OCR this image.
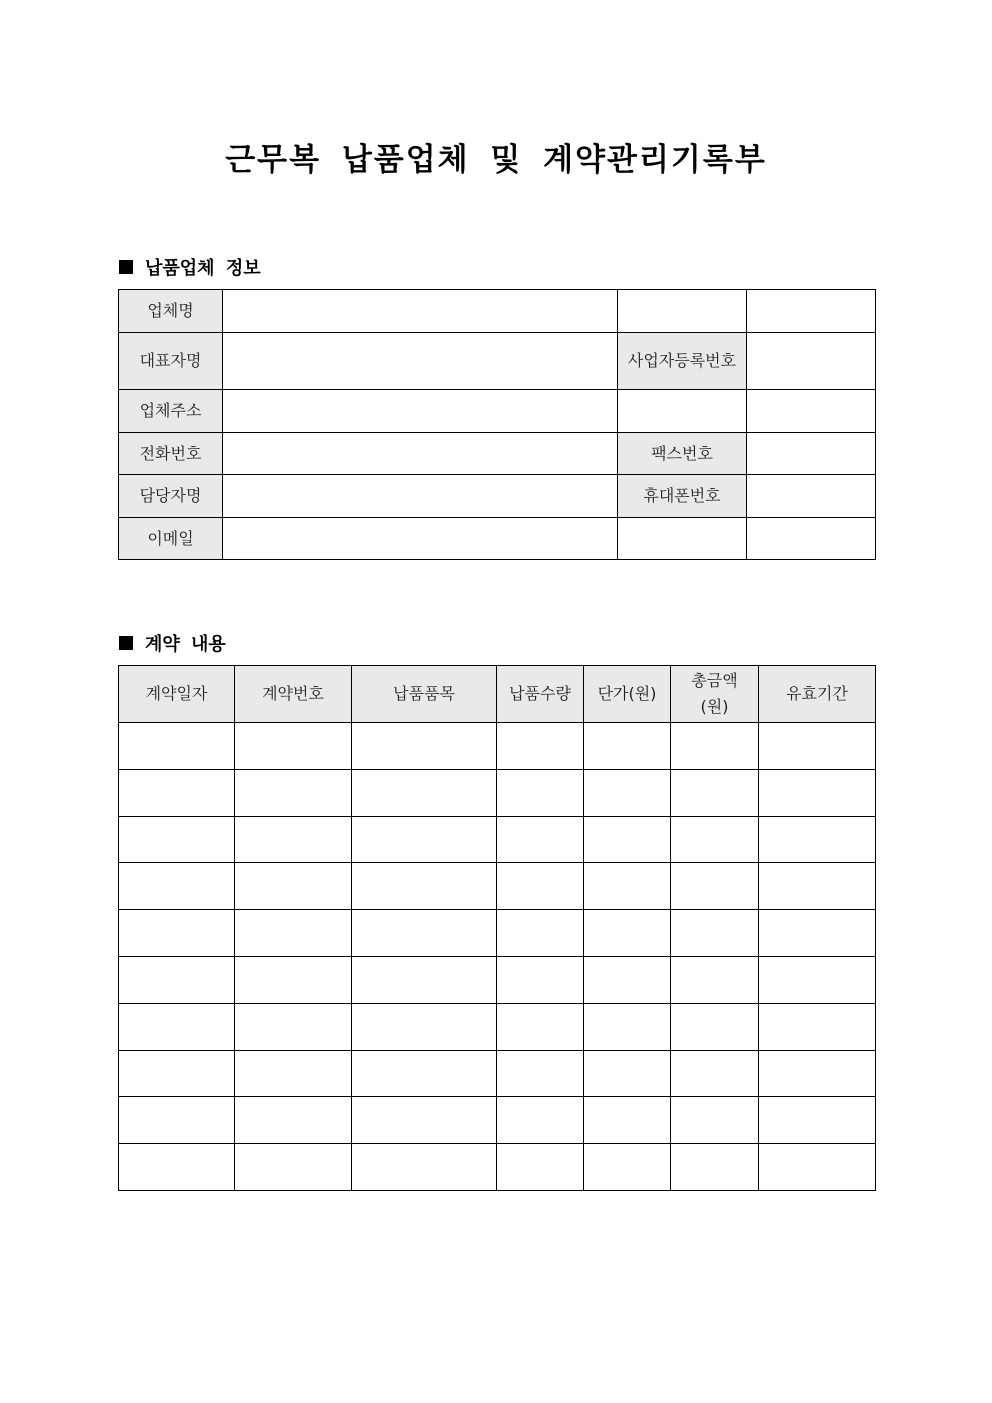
근무복 납품업체 및 계약관리기록부
납품업체 정보
업체명			
대표자명		사업자등록번호	
업체주소			
전화번호		팩스번호	
담당자명		휴대폰번호	
이메일			
계약 내용
계약일자	계약번호	납품품목	납품수량	단가(원)	총금액(원)	유효기간
